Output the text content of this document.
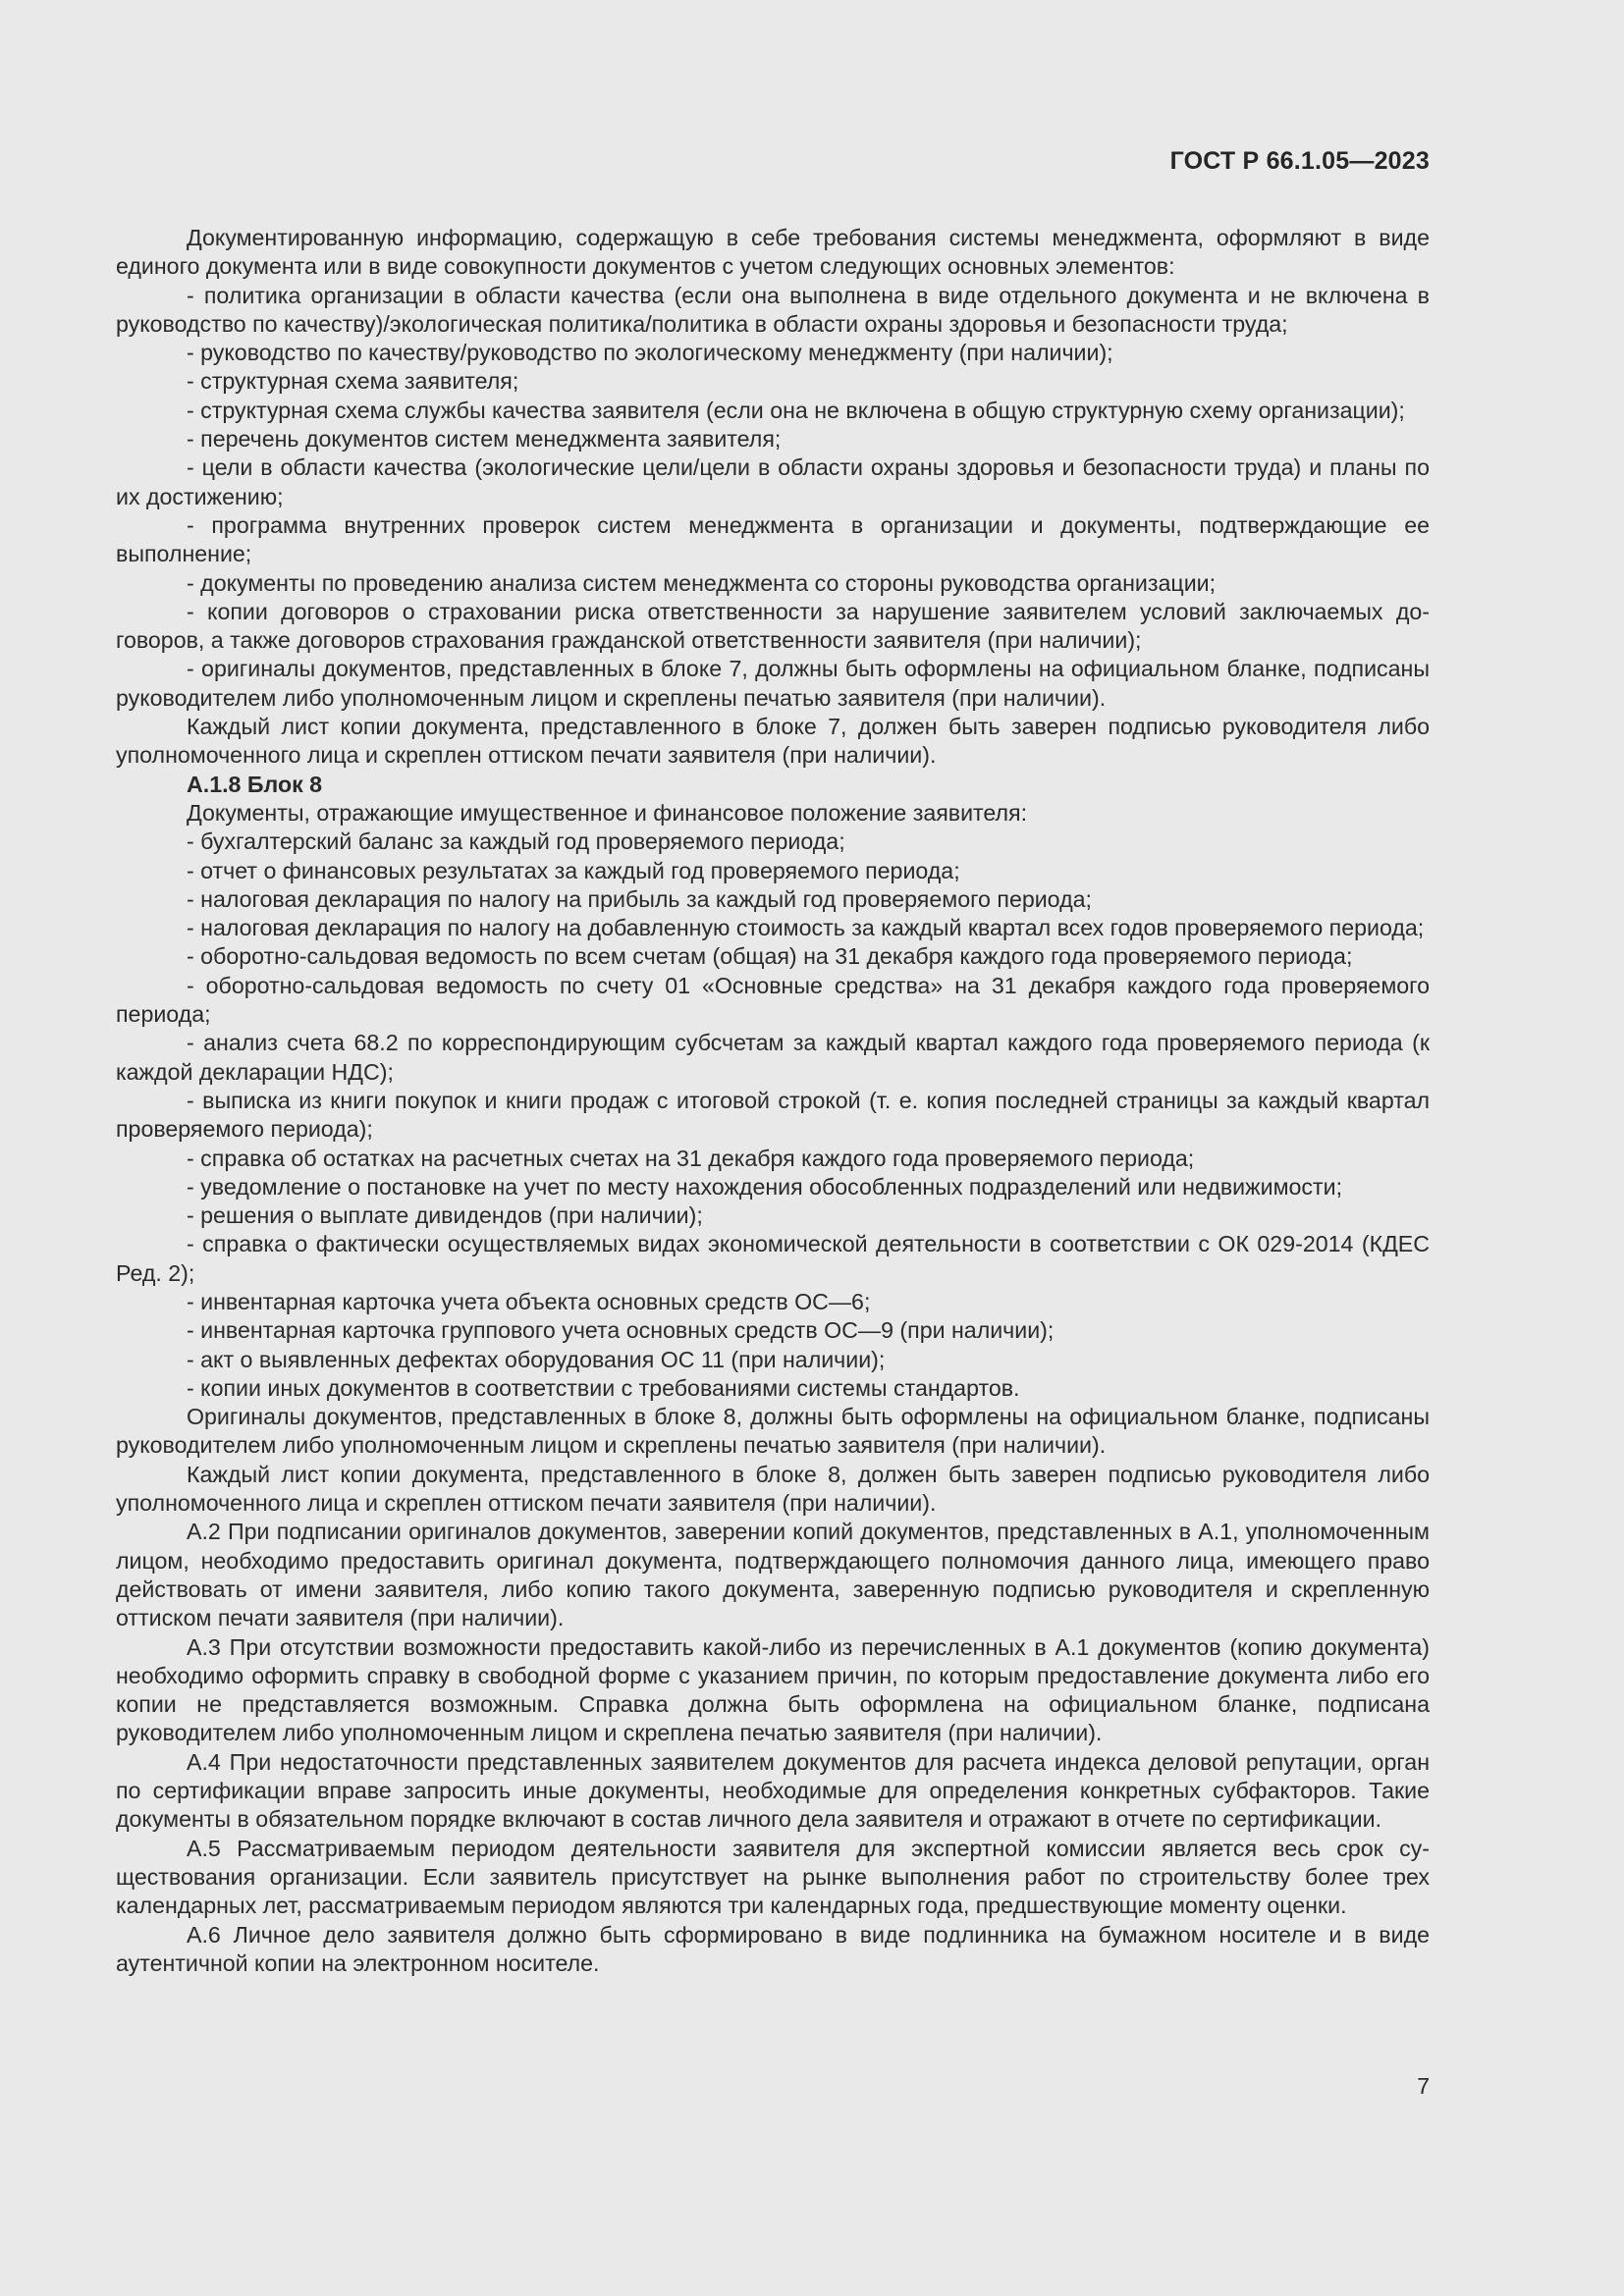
ГОСТ Р 66.1.05—2023

Документированную информацию, содержащую в себе требования системы менеджмента, оформляют в виде единого документа или в виде совокупности документов с учетом следующих основных элементов:

- политика организации в области качества (если она выполнена в виде отдельного документа и не включена в руководство по качеству)/экологическая политика/политика в области охраны здоровья и безопасности труда;

- руководство по качеству/руководство по экологическому менеджменту (при наличии);

- структурная схема заявителя;

- структурная схема службы качества заявителя (если она не включена в общую структурную схему организации);

- перечень документов систем менеджмента заявителя;

- цели в области качества (экологические цели/цели в области охраны здоровья и безопасности труда) и планы по их достижению;

- программа внутренних проверок систем менеджмента в организации и документы, подтверждающие ее выполнение;

- документы по проведению анализа систем менеджмента со стороны руководства организации;

- копии договоров о страховании риска ответственности за нарушение заявителем условий заключаемых договоров, а также договоров страхования гражданской ответственности заявителя (при наличии);

- оригиналы документов, представленных в блоке 7, должны быть оформлены на официальном бланке, подписаны руководителем либо уполномоченным лицом и скреплены печатью заявителя (при наличии).

Каждый лист копии документа, представленного в блоке 7, должен быть заверен подписью руководителя либо уполномоченного лица и скреплен оттиском печати заявителя (при наличии).

А.1.8 Блок 8

Документы, отражающие имущественное и финансовое положение заявителя:

- бухгалтерский баланс за каждый год проверяемого периода;

- отчет о финансовых результатах за каждый год проверяемого периода;

- налоговая декларация по налогу на прибыль за каждый год проверяемого периода;

- налоговая декларация по налогу на добавленную стоимость за каждый квартал всех годов проверяемого периода;

- оборотно-сальдовая ведомость по всем счетам (общая) на 31 декабря каждого года проверяемого периода;

- оборотно-сальдовая ведомость по счету 01 «Основные средства» на 31 декабря каждого года проверяемого периода;

- анализ счета 68.2 по корреспондирующим субсчетам за каждый квартал каждого года проверяемого периода (к каждой декларации НДС);

- выписка из книги покупок и книги продаж с итоговой строкой (т. е. копия последней страницы за каждый квартал проверяемого периода);

- справка об остатках на расчетных счетах на 31 декабря каждого года проверяемого периода;

- уведомление о постановке на учет по месту нахождения обособленных подразделений или недвижимости;

- решения о выплате дивидендов (при наличии);

- справка о фактически осуществляемых видах экономической деятельности в соответствии с ОК 029-2014 (КДЕС Ред. 2);

- инвентарная карточка учета объекта основных средств ОС—6;

- инвентарная карточка группового учета основных средств ОС—9 (при наличии);

- акт о выявленных дефектах оборудования ОС 11 (при наличии);

- копии иных документов в соответствии с требованиями системы стандартов.

Оригиналы документов, представленных в блоке 8, должны быть оформлены на официальном бланке, подписаны руководителем либо уполномоченным лицом и скреплены печатью заявителя (при наличии).

Каждый лист копии документа, представленного в блоке 8, должен быть заверен подписью руководителя либо уполномоченного лица и скреплен оттиском печати заявителя (при наличии).

А.2 При подписании оригиналов документов, заверении копий документов, представленных в А.1, уполномоченным лицом, необходимо предоставить оригинал документа, подтверждающего полномочия данного лица, имеющего право действовать от имени заявителя, либо копию такого документа, заверенную подписью руководителя и скрепленную оттиском печати заявителя (при наличии).

А.3 При отсутствии возможности предоставить какой-либо из перечисленных в А.1 документов (копию документа) необходимо оформить справку в свободной форме с указанием причин, по которым предоставление документа либо его копии не представляется возможным. Справка должна быть оформлена на официальном бланке, подписана руководителем либо уполномоченным лицом и скреплена печатью заявителя (при наличии).

А.4 При недостаточности представленных заявителем документов для расчета индекса деловой репутации, орган по сертификации вправе запросить иные документы, необходимые для определения конкретных субфакторов. Такие документы в обязательном порядке включают в состав личного дела заявителя и отражают в отчете по сертификации.

А.5 Рассматриваемым периодом деятельности заявителя для экспертной комиссии является весь срок существования организации. Если заявитель присутствует на рынке выполнения работ по строительству более трех календарных лет, рассматриваемым периодом являются три календарных года, предшествующие моменту оценки.

А.6 Личное дело заявителя должно быть сформировано в виде подлинника на бумажном носителе и в виде аутентичной копии на электронном носителе.

7
